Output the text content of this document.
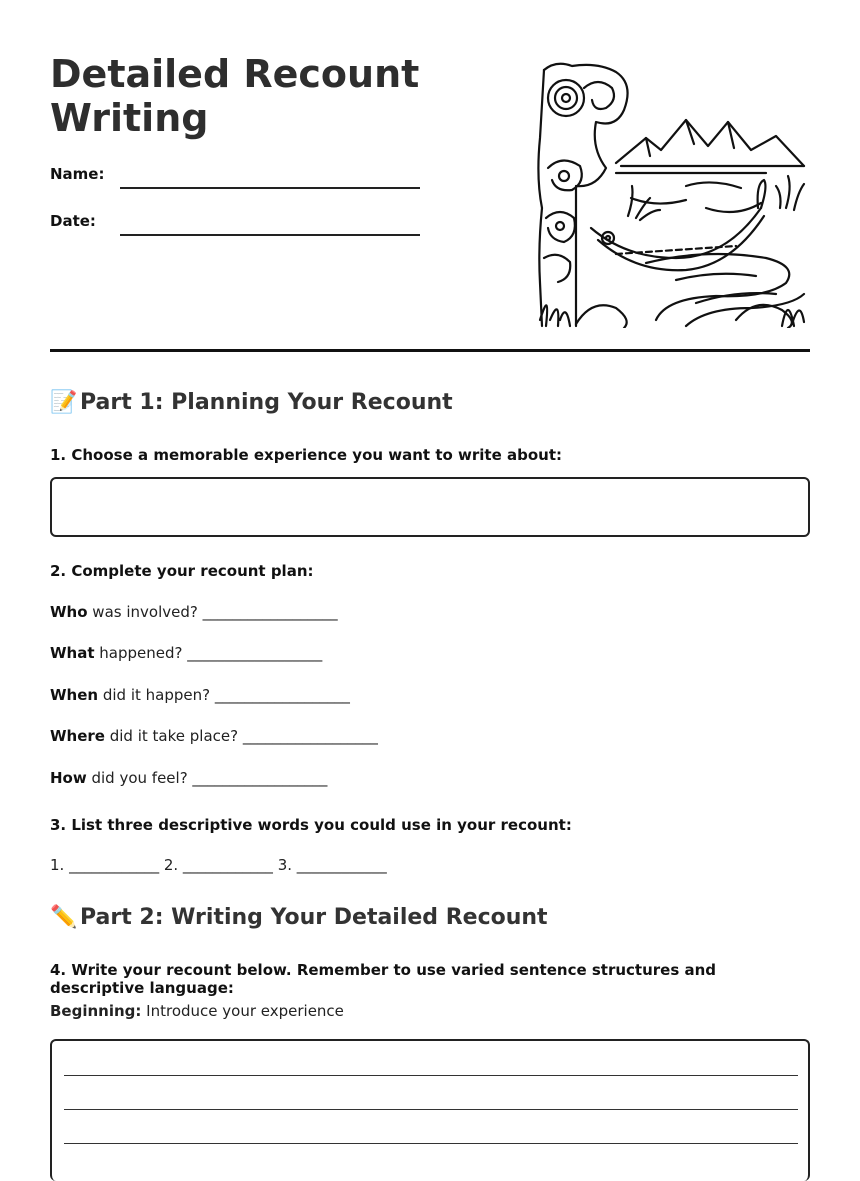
Detailed Recount Writing
Name:
Date:
📝 Part 1: Planning Your Recount

1. Choose a memorable experience you want to write about:

2. Complete your recount plan:

Who was involved? __________________
What happened? __________________
When did it happen? __________________
Where did it take place? __________________
How did you feel? __________________

3. List three descriptive words you could use in your recount:

1. ____________ 2. ____________ 3. ____________
✏️ Part 2: Writing Your Detailed Recount

4. Write your recount below. Remember to use varied sentence structures and descriptive language:

Beginning: Introduce your experience
